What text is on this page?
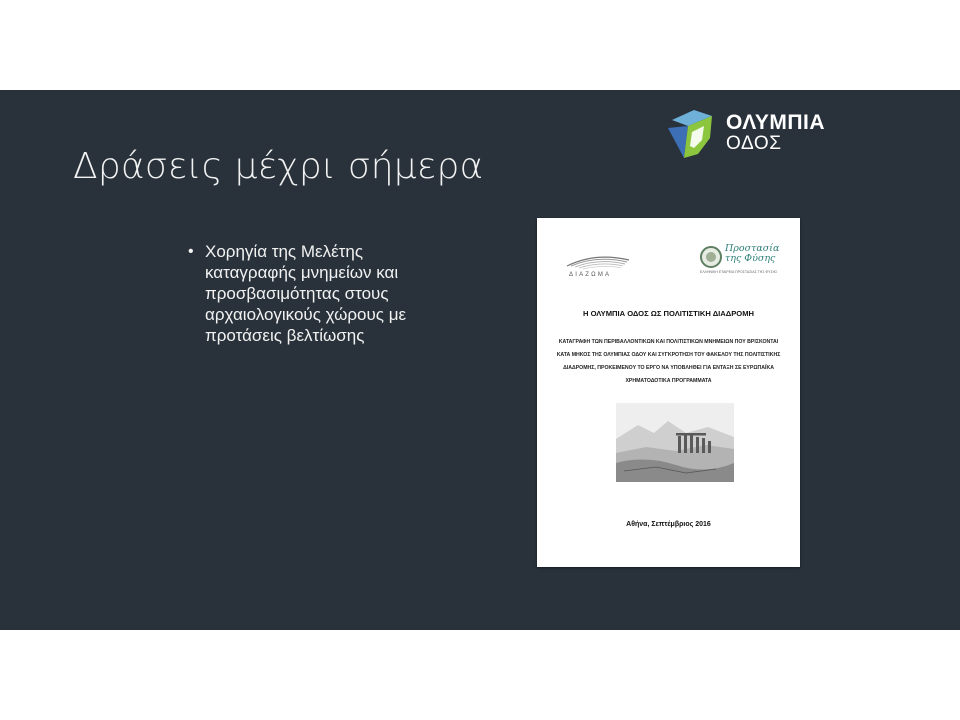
Δράσεις μέχρι σήμερα
• Χορηγία της Μελέτης καταγραφής μνημείων και προσβασιμότητας στους αρχαιολογικούς χώρους με προτάσεις βελτίωσης
ΟΛΥΜΠΙΑ
ΟΔΟΣ
ΔΙΑΖΩΜΑ
Προστασία
της Φύσης
ΕΛΛΗΝΙΚΗ ΕΤΑΙΡΕΙΑ ΠΡΟΣΤΑΣΙΑΣ ΤΗΣ ΦΥΣΗΣ
Η ΟΛΥΜΠΙΑ ΟΔΟΣ ΩΣ ΠΟΛΙΤΙΣΤΙΚΗ ΔΙΑΔΡΟΜΗ
ΚΑΤΑΓΡΑΦΗ ΤΩΝ ΠΕΡΙΒΑΛΛΟΝΤΙΚΩΝ ΚΑΙ ΠΟΛΙΤΙΣΤΙΚΩΝ ΜΝΗΜΕΙΩΝ ΠΟΥ ΒΡΙΣΚΟΝΤΑΙ ΚΑΤΑ ΜΗΚΟΣ ΤΗΣ ΟΛΥΜΠΙΑΣ ΟΔΟΥ ΚΑΙ ΣΥΓΚΡΟΤΗΣΗ ΤΟΥ ΦΑΚΕΛΟΥ ΤΗΣ ΠΟΛΙΤΙΣΤΙΚΗΣ ΔΙΑΔΡΟΜΗΣ, ΠΡΟΚΕΙΜΕΝΟΥ ΤΟ ΕΡΓΟ ΝΑ ΥΠΟΒΛΗΘΕΙ ΓΙΑ ΕΝΤΑΞΗ ΣΕ ΕΥΡΩΠΑΪΚΑ ΧΡΗΜΑΤΟΔΟΤΙΚΑ ΠΡΟΓΡΑΜΜΑΤΑ
Αθήνα, Σεπτέμβριος 2016
